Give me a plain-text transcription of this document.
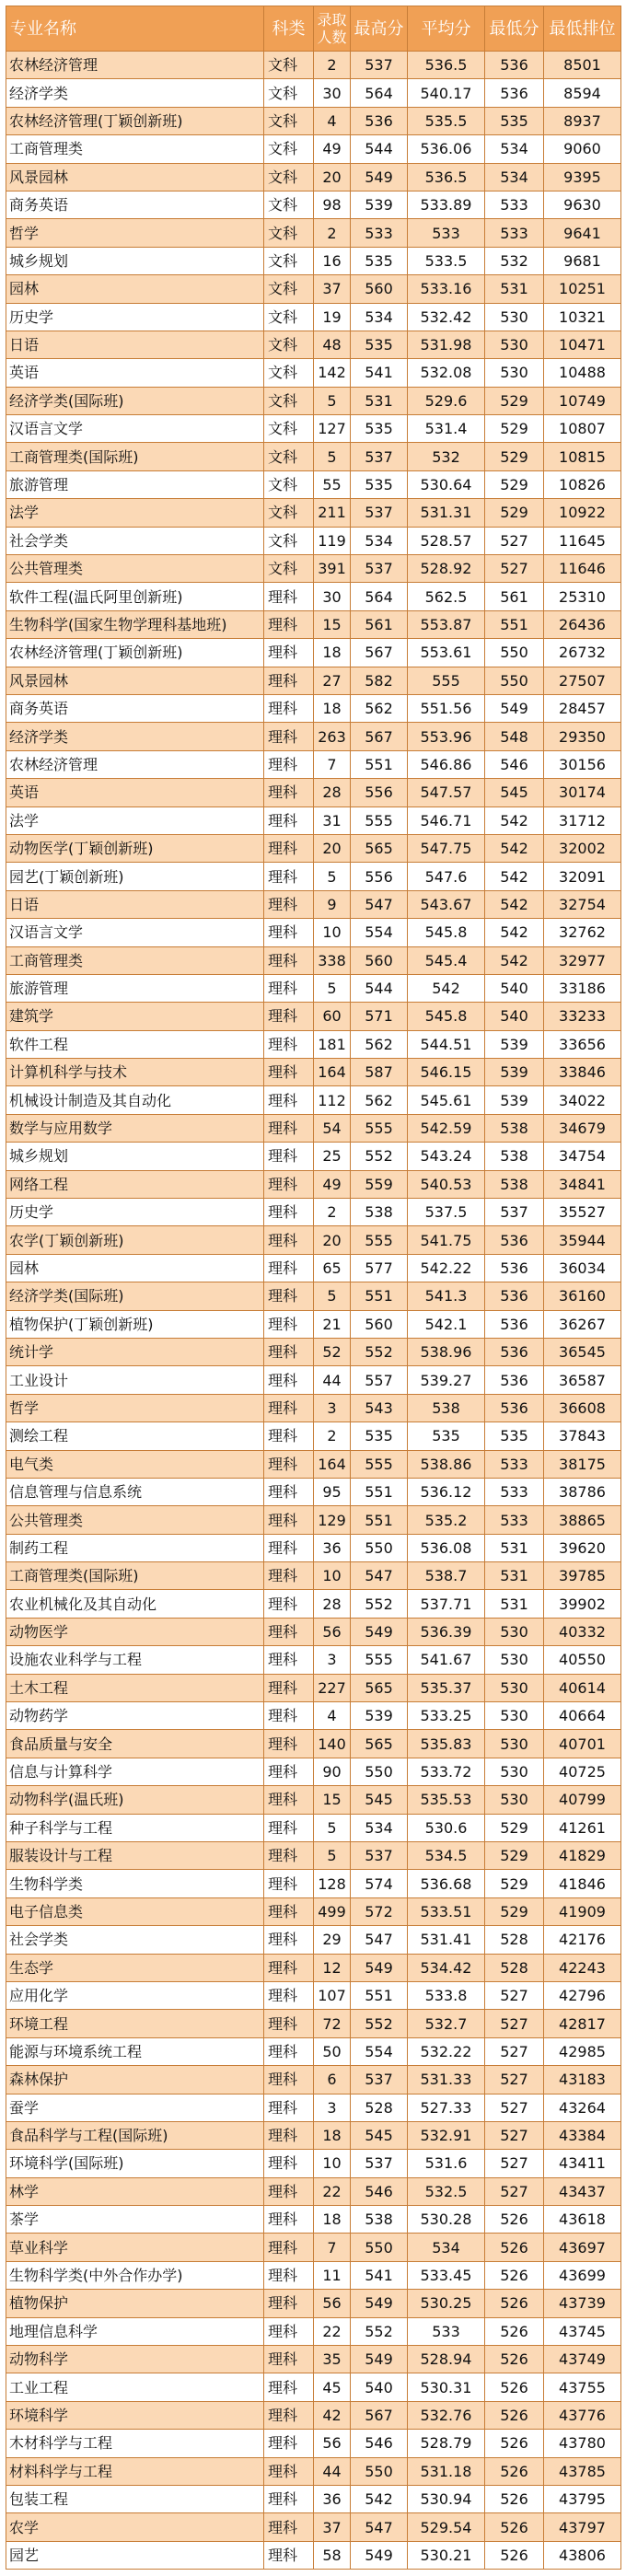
专业名称	科类	录取人数	最高分	平均分	最低分	最低排位
农林经济管理	文科	2	537	536.5	536	8501
经济学类	文科	30	564	540.17	536	8594
农林经济管理(丁颖创新班)	文科	4	536	535.5	535	8937
工商管理类	文科	49	544	536.06	534	9060
风景园林	文科	20	549	536.5	534	9395
商务英语	文科	98	539	533.89	533	9630
哲学	文科	2	533	533	533	9641
城乡规划	文科	16	535	533.5	532	9681
园林	文科	37	560	533.16	531	10251
历史学	文科	19	534	532.42	530	10321
日语	文科	48	535	531.98	530	10471
英语	文科	142	541	532.08	530	10488
经济学类(国际班)	文科	5	531	529.6	529	10749
汉语言文学	文科	127	535	531.4	529	10807
工商管理类(国际班)	文科	5	537	532	529	10815
旅游管理	文科	55	535	530.64	529	10826
法学	文科	211	537	531.31	529	10922
社会学类	文科	119	534	528.57	527	11645
公共管理类	文科	391	537	528.92	527	11646
软件工程(温氏阿里创新班)	理科	30	564	562.5	561	25310
生物科学(国家生物学理科基地班)	理科	15	561	553.87	551	26436
农林经济管理(丁颖创新班)	理科	18	567	553.61	550	26732
风景园林	理科	27	582	555	550	27507
商务英语	理科	18	562	551.56	549	28457
经济学类	理科	263	567	553.96	548	29350
农林经济管理	理科	7	551	546.86	546	30156
英语	理科	28	556	547.57	545	30174
法学	理科	31	555	546.71	542	31712
动物医学(丁颖创新班)	理科	20	565	547.75	542	32002
园艺(丁颖创新班)	理科	5	556	547.6	542	32091
日语	理科	9	547	543.67	542	32754
汉语言文学	理科	10	554	545.8	542	32762
工商管理类	理科	338	560	545.4	542	32977
旅游管理	理科	5	544	542	540	33186
建筑学	理科	60	571	545.8	540	33233
软件工程	理科	181	562	544.51	539	33656
计算机科学与技术	理科	164	587	546.15	539	33846
机械设计制造及其自动化	理科	112	562	545.61	539	34022
数学与应用数学	理科	54	555	542.59	538	34679
城乡规划	理科	25	552	543.24	538	34754
网络工程	理科	49	559	540.53	538	34841
历史学	理科	2	538	537.5	537	35527
农学(丁颖创新班)	理科	20	555	541.75	536	35944
园林	理科	65	577	542.22	536	36034
经济学类(国际班)	理科	5	551	541.3	536	36160
植物保护(丁颖创新班)	理科	21	560	542.1	536	36267
统计学	理科	52	552	538.96	536	36545
工业设计	理科	44	557	539.27	536	36587
哲学	理科	3	543	538	536	36608
测绘工程	理科	2	535	535	535	37843
电气类	理科	164	555	538.86	533	38175
信息管理与信息系统	理科	95	551	536.12	533	38786
公共管理类	理科	129	551	535.2	533	38865
制药工程	理科	36	550	536.08	531	39620
工商管理类(国际班)	理科	10	547	538.7	531	39785
农业机械化及其自动化	理科	28	552	537.71	531	39902
动物医学	理科	56	549	536.39	530	40332
设施农业科学与工程	理科	3	555	541.67	530	40550
土木工程	理科	227	565	535.37	530	40614
动物药学	理科	4	539	533.25	530	40664
食品质量与安全	理科	140	565	535.83	530	40701
信息与计算科学	理科	90	550	533.72	530	40725
动物科学(温氏班)	理科	15	545	535.53	530	40799
种子科学与工程	理科	5	534	530.6	529	41261
服装设计与工程	理科	5	537	534.5	529	41829
生物科学类	理科	128	574	536.68	529	41846
电子信息类	理科	499	572	533.51	529	41909
社会学类	理科	29	547	531.41	528	42176
生态学	理科	12	549	534.42	528	42243
应用化学	理科	107	551	533.8	527	42796
环境工程	理科	72	552	532.7	527	42817
能源与环境系统工程	理科	50	554	532.22	527	42985
森林保护	理科	6	537	531.33	527	43183
蚕学	理科	3	528	527.33	527	43264
食品科学与工程(国际班)	理科	18	545	532.91	527	43384
环境科学(国际班)	理科	10	537	531.6	527	43411
林学	理科	22	546	532.5	527	43437
茶学	理科	18	538	530.28	526	43618
草业科学	理科	7	550	534	526	43697
生物科学类(中外合作办学)	理科	11	541	533.45	526	43699
植物保护	理科	56	549	530.25	526	43739
地理信息科学	理科	22	552	533	526	43745
动物科学	理科	35	549	528.94	526	43749
工业工程	理科	45	540	530.31	526	43755
环境科学	理科	42	567	532.76	526	43776
木材科学与工程	理科	56	546	528.79	526	43780
材料科学与工程	理科	44	550	531.18	526	43785
包装工程	理科	36	542	530.94	526	43795
农学	理科	37	547	529.54	526	43797
园艺	理科	58	549	530.21	526	43806
